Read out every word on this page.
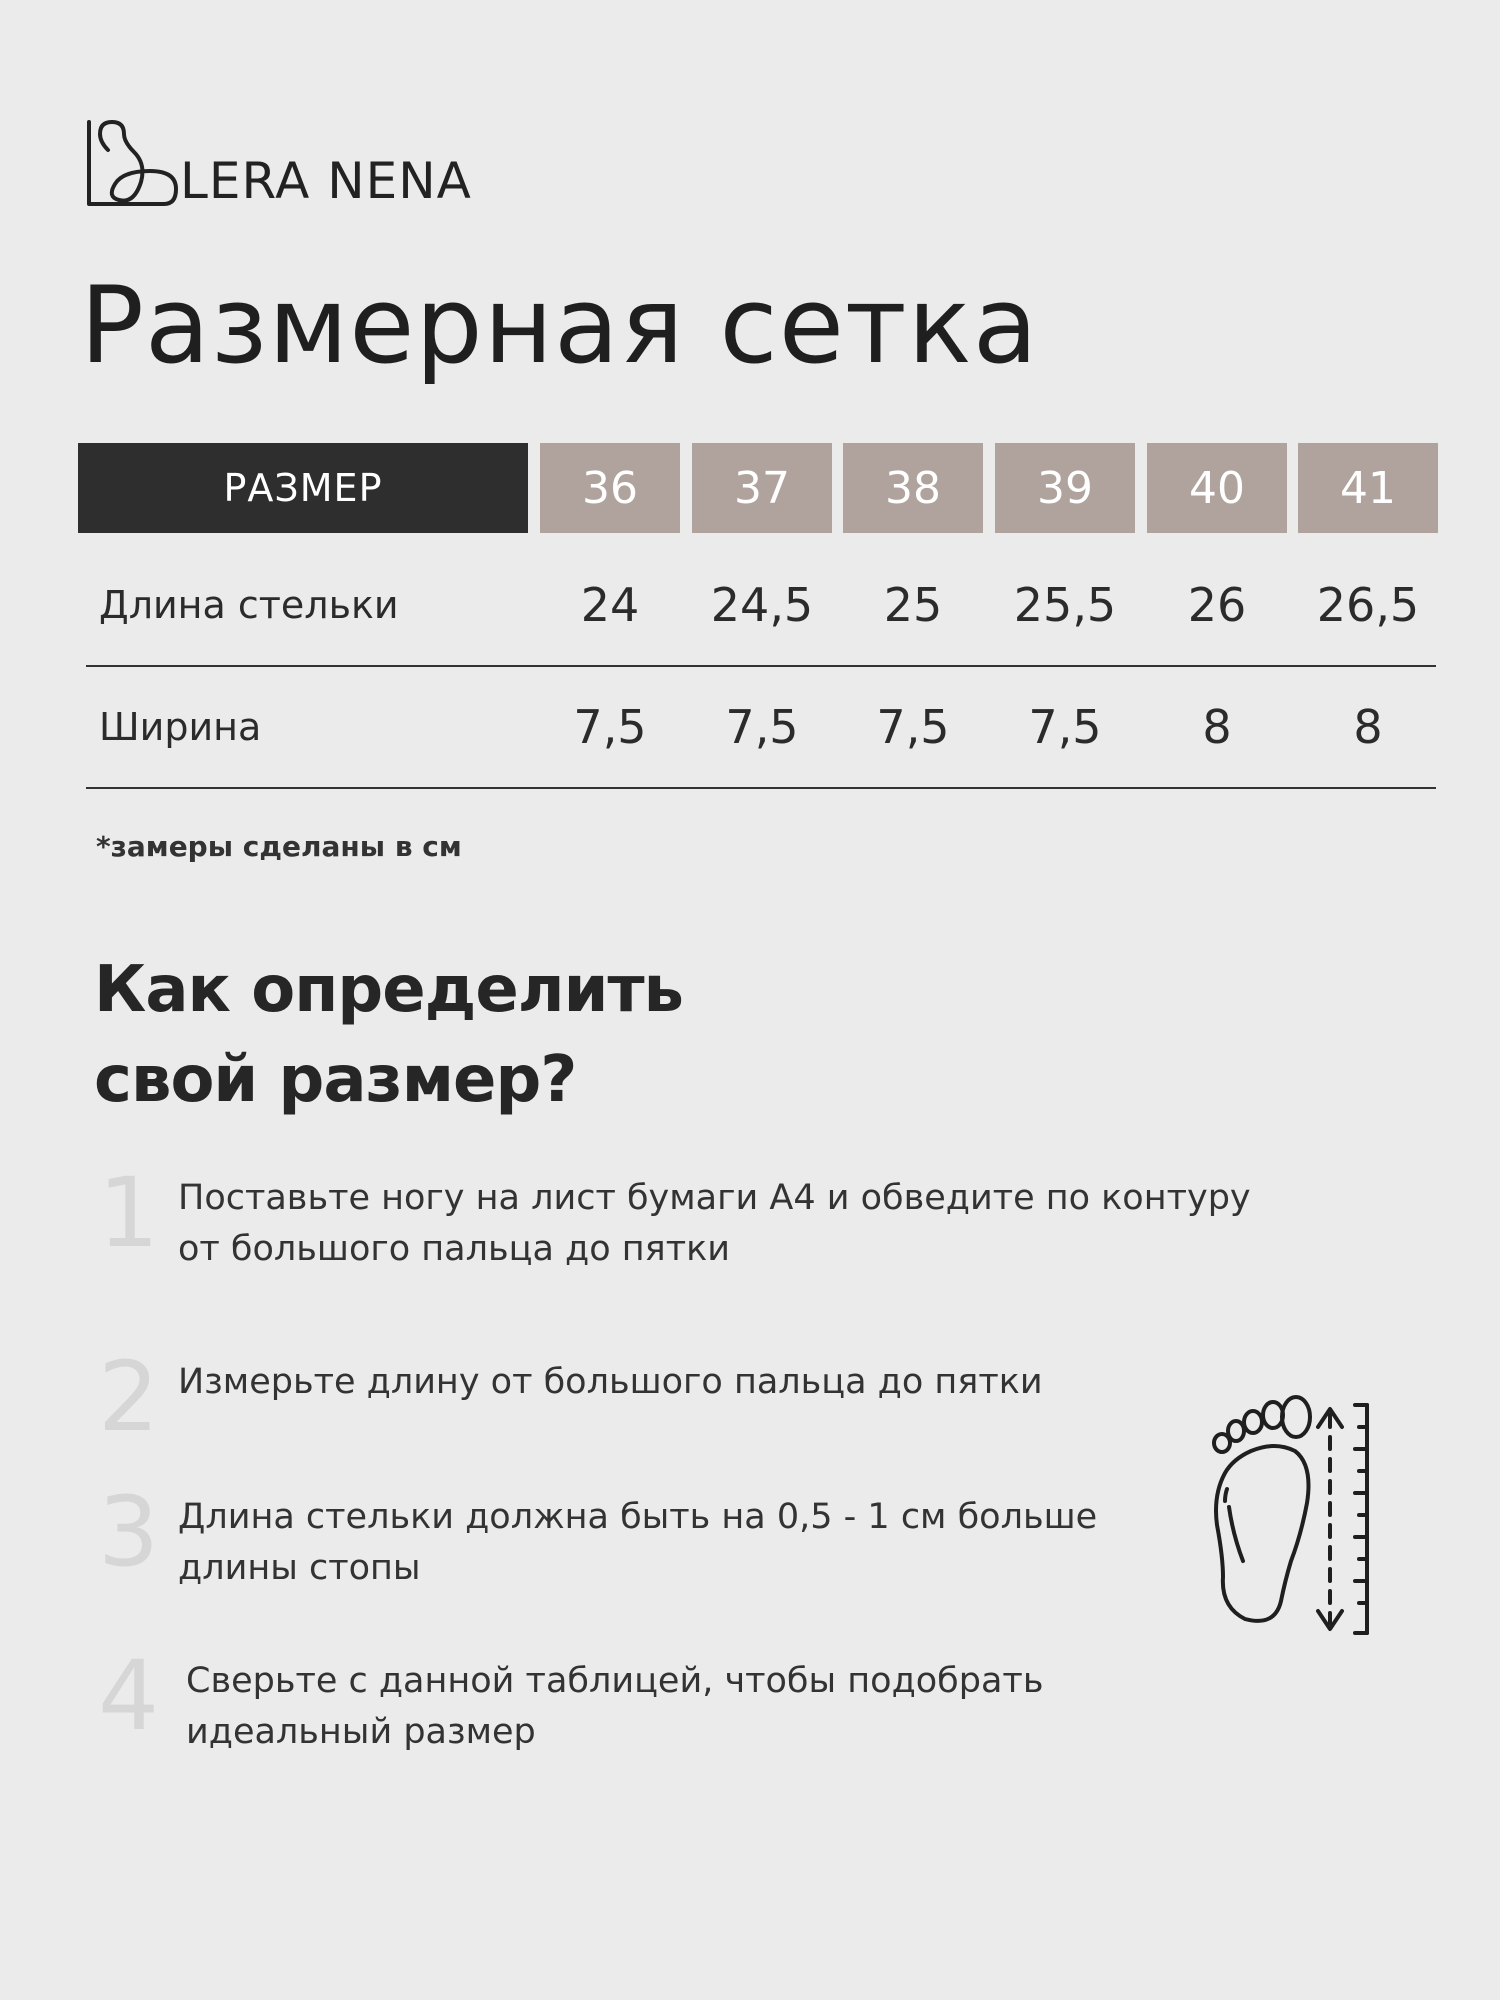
LERA NENA
Размерная сетка
РАЗМЕР	36	37	38	39	40	41
Длина стельки	24	24,5	25	25,5	26	26,5
Ширина	7,5	7,5	7,5	7,5	8	8
*замеры сделаны в см
Как определить
свой размер?
1 Поставьте ногу на лист бумаги А4 и обведите по контуру
от большого пальца до пятки
2 Измерьте длину от большого пальца до пятки
3 Длина стельки должна быть на 0,5 - 1 см больше
длины стопы
4 Сверьте с данной таблицей, чтобы подобрать
идеальный размер
